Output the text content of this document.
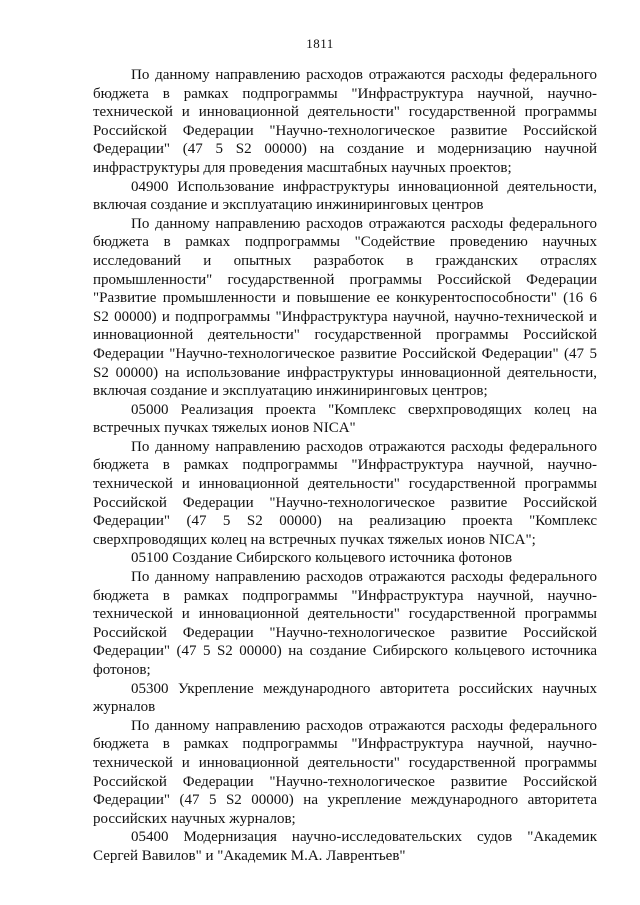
1811

По данному направлению расходов отражаются расходы федерального бюджета в рамках подпрограммы "Инфраструктура научной, научно-технической и инновационной деятельности" государственной программы Российской Федерации "Научно-технологическое развитие Российской Федерации" (47 5 S2 00000) на создание и модернизацию научной инфраструктуры для проведения масштабных научных проектов;

04900 Использование инфраструктуры инновационной деятельности, включая создание и эксплуатацию инжиниринговых центров

По данному направлению расходов отражаются расходы федерального бюджета в рамках подпрограммы "Содействие проведению научных исследований и опытных разработок в гражданских отраслях промышленности" государственной программы Российской Федерации "Развитие промышленности и повышение ее конкурентоспособности" (16 6 S2 00000) и подпрограммы "Инфраструктура научной, научно-технической и инновационной деятельности" государственной программы Российской Федерации "Научно-технологическое развитие Российской Федерации" (47 5 S2 00000) на использование инфраструктуры инновационной деятельности, включая создание и эксплуатацию инжиниринговых центров;

05000 Реализация проекта "Комплекс сверхпроводящих колец на встречных пучках тяжелых ионов NICA"

По данному направлению расходов отражаются расходы федерального бюджета в рамках подпрограммы "Инфраструктура научной, научно-технической и инновационной деятельности" государственной программы Российской Федерации "Научно-технологическое развитие Российской Федерации" (47 5 S2 00000) на реализацию проекта "Комплекс сверхпроводящих колец на встречных пучках тяжелых ионов NICA";

05100 Создание Сибирского кольцевого источника фотонов

По данному направлению расходов отражаются расходы федерального бюджета в рамках подпрограммы "Инфраструктура научной, научно-технической и инновационной деятельности" государственной программы Российской Федерации "Научно-технологическое развитие Российской Федерации" (47 5 S2 00000) на создание Сибирского кольцевого источника фотонов;

05300 Укрепление международного авторитета российских научных журналов

По данному направлению расходов отражаются расходы федерального бюджета в рамках подпрограммы "Инфраструктура научной, научно-технической и инновационной деятельности" государственной программы Российской Федерации "Научно-технологическое развитие Российской Федерации" (47 5 S2 00000) на укрепление международного авторитета российских научных журналов;

05400 Модернизация научно-исследовательских судов "Академик Сергей Вавилов" и "Академик М.А. Лаврентьев"
